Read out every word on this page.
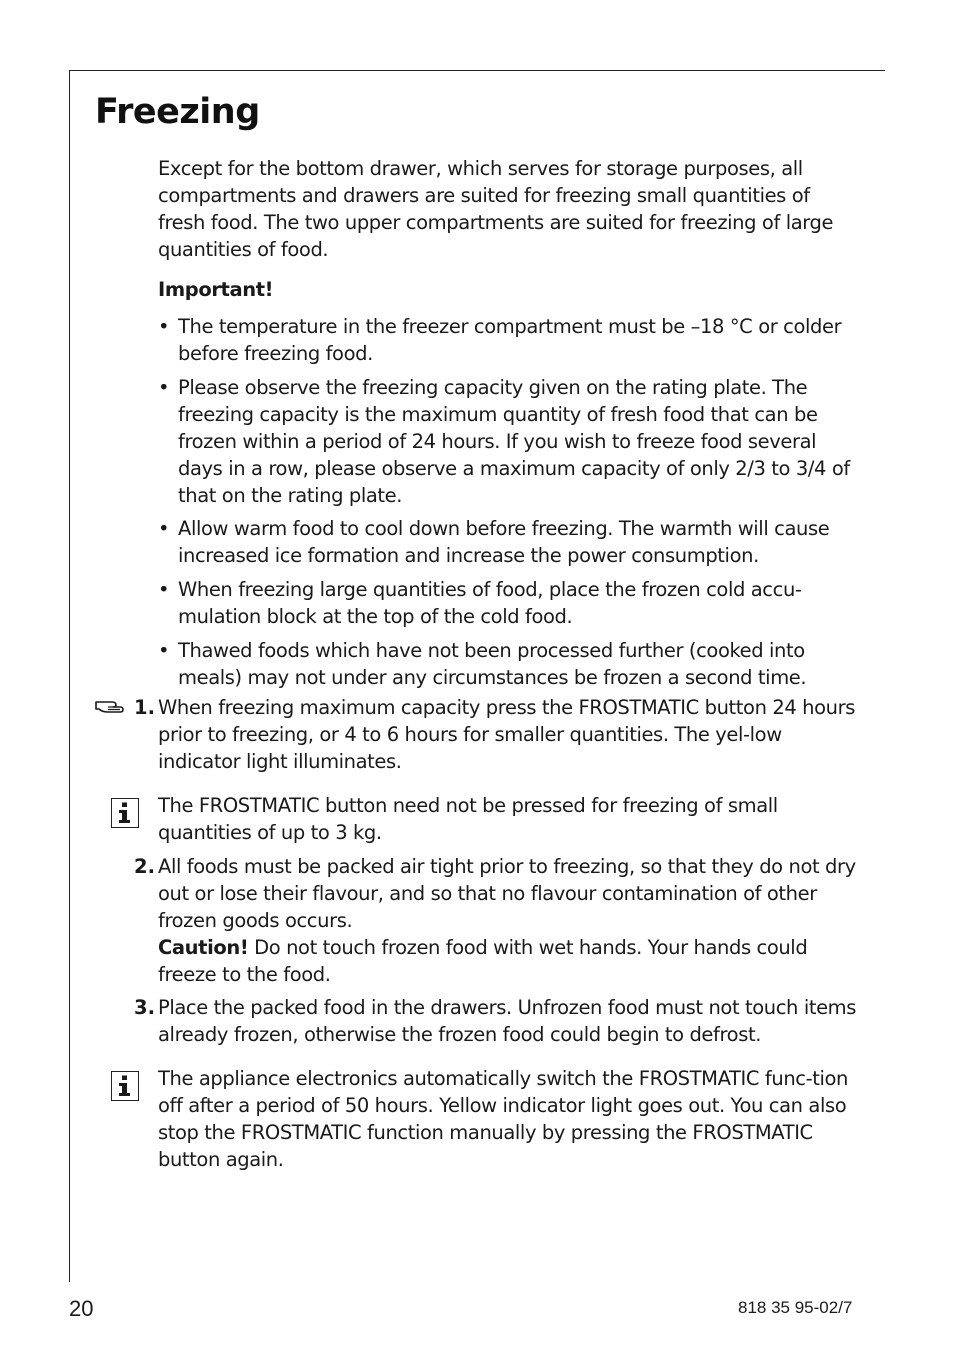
Freezing

Except for the bottom drawer, which serves for storage purposes, all compartments and drawers are suited for freezing small quantities of fresh food. The two upper compartments are suited for freezing of large quantities of food.

Important!

• The temperature in the freezer compartment must be –18 °C or colder before freezing food.
• Please observe the freezing capacity given on the rating plate. The freezing capacity is the maximum quantity of fresh food that can be frozen within a period of 24 hours. If you wish to freeze food several days in a row, please observe a maximum capacity of only 2/3 to 3/4 of that on the rating plate.
• Allow warm food to cool down before freezing. The warmth will cause increased ice formation and increase the power consumption.
• When freezing large quantities of food, place the frozen cold accu-mulation block at the top of the cold food.
• Thawed foods which have not been processed further (cooked into meals) may not under any circumstances be frozen a second time.
1. When freezing maximum capacity press the FROSTMATIC button 24 hours prior to freezing, or 4 to 6 hours for smaller quantities. The yel-low indicator light illuminates.

The FROSTMATIC button need not be pressed for freezing of small quantities of up to 3 kg.

2. All foods must be packed air tight prior to freezing, so that they do not dry out or lose their flavour, and so that no flavour contamination of other frozen goods occurs.
Caution! Do not touch frozen food with wet hands. Your hands could freeze to the food.
3. Place the packed food in the drawers. Unfrozen food must not touch items already frozen, otherwise the frozen food could begin to defrost.

The appliance electronics automatically switch the FROSTMATIC func-tion off after a period of 50 hours. Yellow indicator light goes out. You can also stop the FROSTMATIC function manually by pressing the FROSTMATIC button again.

20	818 35 95-02/7
